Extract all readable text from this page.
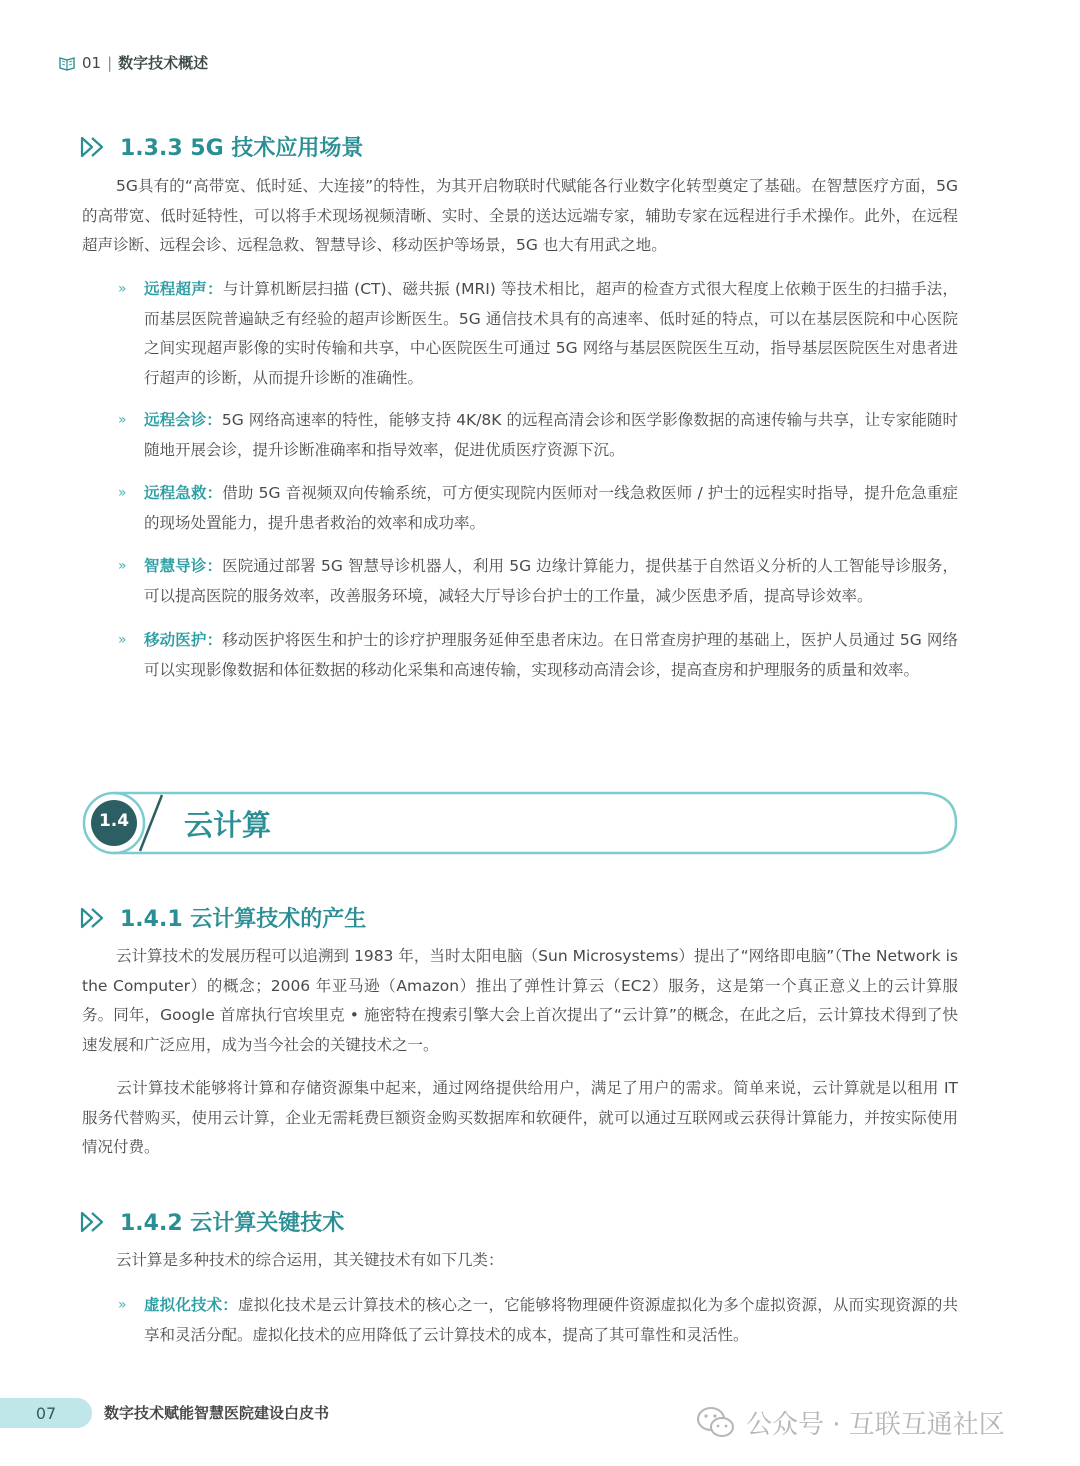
01 | 数字技术概述
1.3.3 5G 技术应用场景
5G具有的“高带宽、低时延、大连接”的特性，为其开启物联时代赋能各行业数字化转型奠定了基础。在智慧医疗方面，5G 的高带宽、低时延特性，可以将手术现场视频清晰、实时、全景的送达远端专家，辅助专家在远程进行手术操作。此外，在远程超声诊断、远程会诊、远程急救、智慧导诊、移动医护等场景，5G 也大有用武之地。
» 远程超声：与计算机断层扫描 (CT)、磁共振 (MRI) 等技术相比，超声的检查方式很大程度上依赖于医生的扫描手法，而基层医院普遍缺乏有经验的超声诊断医生。5G 通信技术具有的高速率、低时延的特点，可以在基层医院和中心医院之间实现超声影像的实时传输和共享，中心医院医生可通过 5G 网络与基层医院医生互动，指导基层医院医生对患者进行超声的诊断，从而提升诊断的准确性。
» 远程会诊：5G 网络高速率的特性，能够支持 4K/8K 的远程高清会诊和医学影像数据的高速传输与共享，让专家能随时随地开展会诊，提升诊断准确率和指导效率，促进优质医疗资源下沉。
» 远程急救：借助 5G 音视频双向传输系统，可方便实现院内医师对一线急救医师 / 护士的远程实时指导，提升危急重症的现场处置能力，提升患者救治的效率和成功率。
» 智慧导诊：医院通过部署 5G 智慧导诊机器人，利用 5G 边缘计算能力，提供基于自然语义分析的人工智能导诊服务，可以提高医院的服务效率，改善服务环境，减轻大厅导诊台护士的工作量，减少医患矛盾，提高导诊效率。
» 移动医护：移动医护将医生和护士的诊疗护理服务延伸至患者床边。在日常查房护理的基础上，医护人员通过 5G 网络可以实现影像数据和体征数据的移动化采集和高速传输，实现移动高清会诊，提高查房和护理服务的质量和效率。
1.4 云计算
1.4.1 云计算技术的产生
云计算技术的发展历程可以追溯到 1983 年，当时太阳电脑（Sun Microsystems）提出了“网络即电脑”（The Network is the Computer）的概念；2006 年亚马逊（Amazon）推出了弹性计算云（EC2）服务，这是第一个真正意义上的云计算服务。同年，Google 首席执行官埃里克 • 施密特在搜索引擎大会上首次提出了“云计算”的概念，在此之后，云计算技术得到了快速发展和广泛应用，成为当今社会的关键技术之一。
云计算技术能够将计算和存储资源集中起来，通过网络提供给用户，满足了用户的需求。简单来说，云计算就是以租用 IT 服务代替购买，使用云计算，企业无需耗费巨额资金购买数据库和软硬件，就可以通过互联网或云获得计算能力，并按实际使用情况付费。
1.4.2 云计算关键技术
云计算是多种技术的综合运用，其关键技术有如下几类：
» 虚拟化技术：虚拟化技术是云计算技术的核心之一，它能够将物理硬件资源虚拟化为多个虚拟资源，从而实现资源的共享和灵活分配。虚拟化技术的应用降低了云计算技术的成本，提高了其可靠性和灵活性。
07	数字技术赋能智慧医院建设白皮书	公众号 · 互联互通社区
